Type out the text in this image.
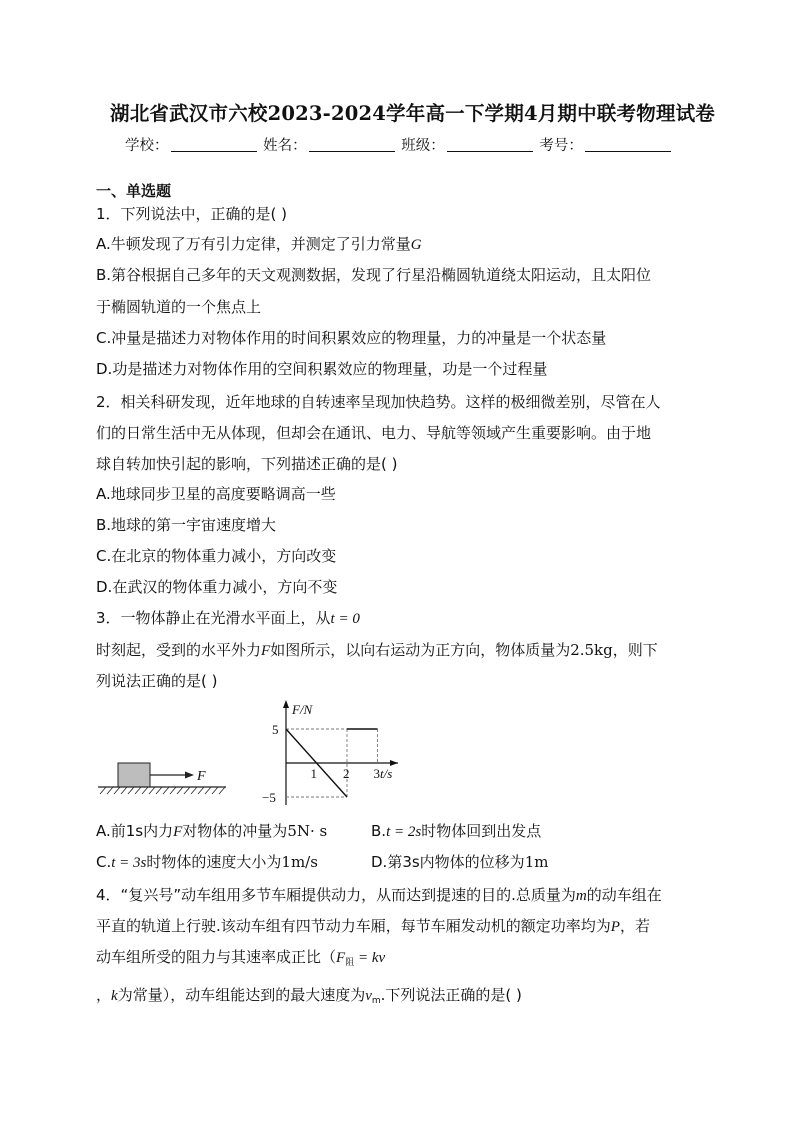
湖北省武汉市六校2023-2024学年高一下学期4月期中联考物理试卷
学校：	姓名：	班级：	考号：
一、单选题
1．下列说法中，正确的是( )
A.牛顿发现了万有引力定律，并测定了引力常量G
B.第谷根据自己多年的天文观测数据，发现了行星沿椭圆轨道绕太阳运动，且太阳位
于椭圆轨道的一个焦点上
C.冲量是描述力对物体作用的时间积累效应的物理量，力的冲量是一个状态量
D.功是描述力对物体作用的空间积累效应的物理量，功是一个过程量
2．相关科研发现，近年地球的自转速率呈现加快趋势。这样的极细微差别，尽管在人
们的日常生活中无从体现，但却会在通讯、电力、导航等领域产生重要影响。由于地
球自转加快引起的影响，下列描述正确的是( )
A.地球同步卫星的高度要略调高一些
B.地球的第一宇宙速度增大
C.在北京的物体重力减小，方向改变
D.在武汉的物体重力减小，方向不变
3．一物体静止在光滑水平面上，从t = 0
时刻起，受到的水平外力F如图所示，以向右运动为正方向，物体质量为2.5kg，则下
列说法正确的是( )
F
F/N
t/s
1 2 3
5
−5
A.前1s内力F对物体的冲量为5N· s	B.t = 2s时物体回到出发点
C.t = 3s时物体的速度大小为1m/s	D.第3s内物体的位移为1m
4．“复兴号”动车组用多节车厢提供动力，从而达到提速的目的.总质量为m的动车组在
平直的轨道上行驶.该动车组有四节动力车厢，每节车厢发动机的额定功率均为P，若
动车组所受的阻力与其速率成正比（$F_阻$ = kv
，k为常量），动车组能达到的最大速度为$v_m$.下列说法正确的是( )
